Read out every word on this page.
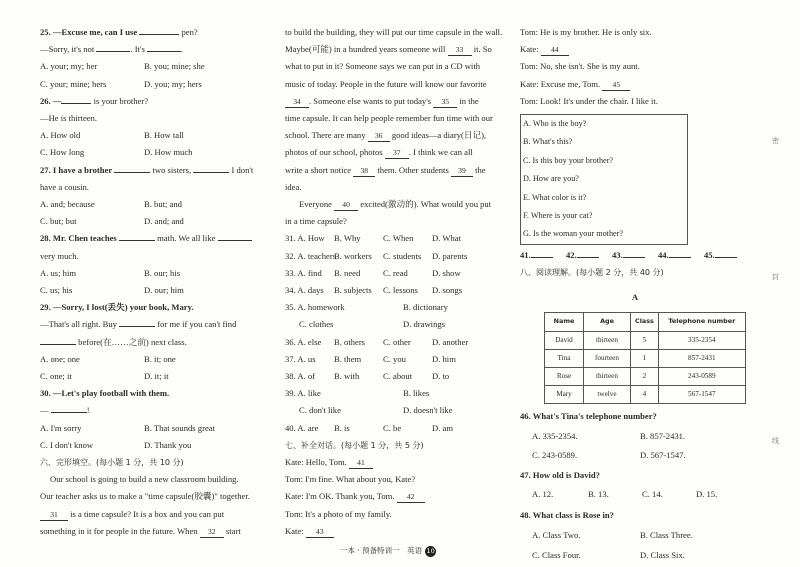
25. —Excuse me, can I use	pen?
—Sorry, it's not	. It's	.
A. your; my; her	B. you; mine; she
C. your; mine; hers	D. you; my; hers
26. —	is your brother?
—He is thirteen.
A. How old	B. How tall
C. How long	D. How much
27. I have a brother	two sisters,	I don't
have a cousin.
A. and; because	B. but; and
C. but; but	D. and; and
28. Mr. Chen teaches	math. We all like
very much.
A. us; him	B. our; his
C. us; his	D. our; him
29. —Sorry, I lost(丢失) your book, Mary.
—That's all right. Buy	for me if you can't find
before(在……之前) next class.
A. one; one	B. it; one
C. one; it	D. it; it
30. —Let's play football with them.
—	!
A. I'm sorry	B. That sounds great
C. I don't know	D. Thank you
六、完形填空。(每小题 1 分，共 10 分)
Our school is going to build a new classroom building.
Our teacher asks us to make a "time capsule(胶囊)" together.
31 is a time capsule? It is a box and you can put
something in it for people in the future. When 32 start
to build the building, they will put our time capsule in the wall.
Maybe(可能) in a hundred years someone will 33 it. So
what to put in it? Someone says we can put in a CD with
music of today. People in the future will know our favorite
34 . Someone else wants to put today's 35 in the
time capsule. It can help people remember fun time with our
school. There are many 36 good ideas—a diary(日记),
photos of our school, photos 37 . I think we can all
write a short notice 38 them. Other students 39 the
idea.
Everyone 40 excited(激动的). What would you put
in a time capsule?
31. A. How	B. Why	C. When	D. What
32. A. teachers
B. workers	C. students	D. parents
33. A. find	B. need	C. read	D. show
34. A. days	B. subjects	C. lessons	D. songs
35. A. homework	B. dictionary
C. clothes	D. drawings
36. A. else	B. others	C. other	D. another
37. A. us	B. them	C. you	D. him
38. A. of	B. with	C. about	D. to
39. A. like	B. likes
C. don't like	D. doesn't like
40. A. are	B. is	C. be	D. am
七、补全对话。(每小题 1 分，共 5 分)
Kate: Hello, Tom. 41
Tom: I'm fine. What about you, Kate?
Kate: I'm OK. Thank you, Tom. 42
Tom: It's a photo of my family.
Kate: 43
Tom: He is my brother. He is only six.
Kate: 44
Tom: No, she isn't. She is my aunt.
Kate: Excuse me, Tom. 45
Tom: Look! It's under the chair. I like it.
A. Who is the boy?
B. What's this?
C. Is this boy your brother?
D. How are you?
E. What color is it?
F. Where is your cat?
G. Is the woman your mother?
41.	42.	43.	44.	45.
八、阅读理解。(每小题 2 分，共 40 分)
A
Name	Age	Class	Telephone number
David	thirteen	5	335-2354
Tina	fourteen	1	857-2431
Rose	thirteen	2	243-0589
Mary	twelve	4	567-1547
46. What's Tina's telephone number?
A. 335-2354.	B. 857-2431.
C. 243-0589.	D. 567-1547.
47. How old is David?
A. 12.	B. 13.	C. 14.	D. 15.
48. What class is Rose in?
A. Class Two.	B. Class Three.
C. Class Four.	D. Class Six.
密
封
线
一本 · 预备特训一　英语 10
